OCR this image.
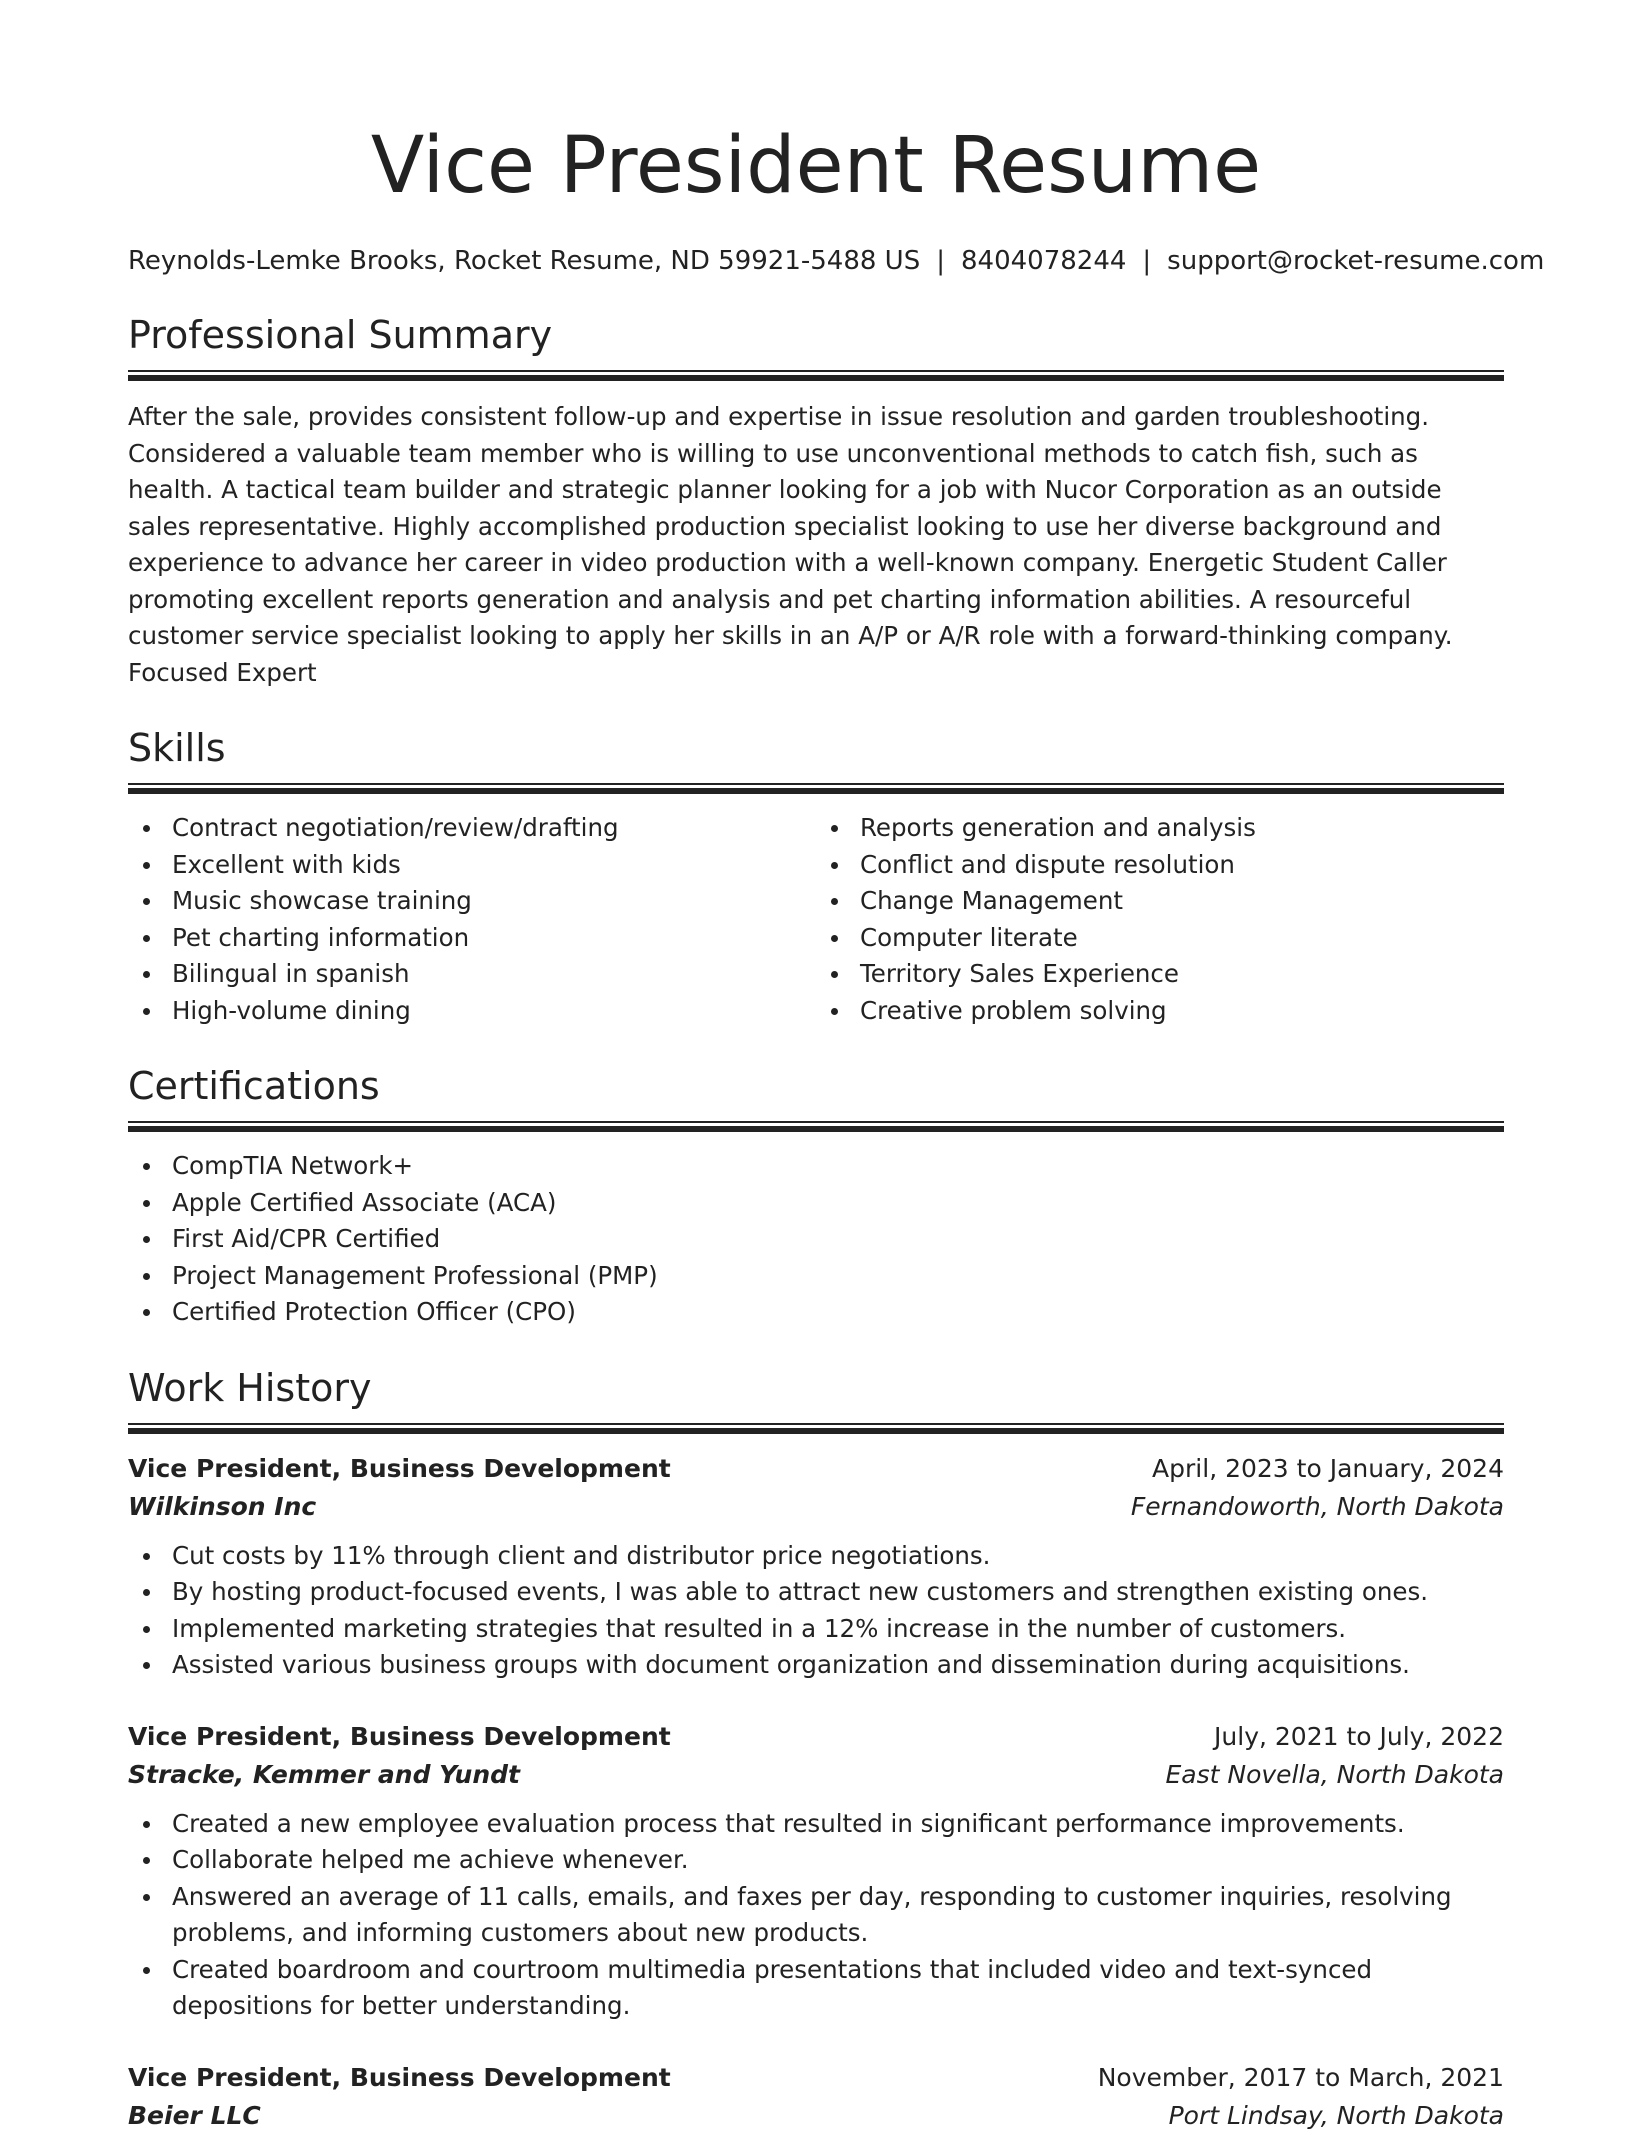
Vice President Resume
Reynolds-Lemke Brooks, Rocket Resume, ND 59921-5488 US | 8404078244 | support@rocket-resume.com
Professional Summary

After the sale, provides consistent follow-up and expertise in issue resolution and garden troubleshooting. Considered a valuable team member who is willing to use unconventional methods to catch fish, such as health. A tactical team builder and strategic planner looking for a job with Nucor Corporation as an outside sales representative. Highly accomplished production specialist looking to use her diverse background and experience to advance her career in video production with a well-known company. Energetic Student Caller promoting excellent reports generation and analysis and pet charting information abilities. A resourceful customer service specialist looking to apply her skills in an A/P or A/R role with a forward-thinking company. Focused Expert

Skills
Contract negotiation/review/drafting
Excellent with kids
Music showcase training
Pet charting information
Bilingual in spanish
High-volume dining
Reports generation and analysis
Conflict and dispute resolution
Change Management
Computer literate
Territory Sales Experience
Creative problem solving
Certifications
CompTIA Network+
Apple Certified Associate (ACA)
First Aid/CPR Certified
Project Management Professional (PMP)
Certified Protection Officer (CPO)
Work History
Vice President, Business Development	April, 2023 to January, 2024
Wilkinson Inc	Fernandoworth, North Dakota
Cut costs by 11% through client and distributor price negotiations.
By hosting product-focused events, I was able to attract new customers and strengthen existing ones.
Implemented marketing strategies that resulted in a 12% increase in the number of customers.
Assisted various business groups with document organization and dissemination during acquisitions.
Vice President, Business Development	July, 2021 to July, 2022
Stracke, Kemmer and Yundt	East Novella, North Dakota
Created a new employee evaluation process that resulted in significant performance improvements.
Collaborate helped me achieve whenever.
Answered an average of 11 calls, emails, and faxes per day, responding to customer inquiries, resolving problems, and informing customers about new products.
Created boardroom and courtroom multimedia presentations that included video and text-synced depositions for better understanding.
Vice President, Business Development	November, 2017 to March, 2021
Beier LLC	Port Lindsay, North Dakota
